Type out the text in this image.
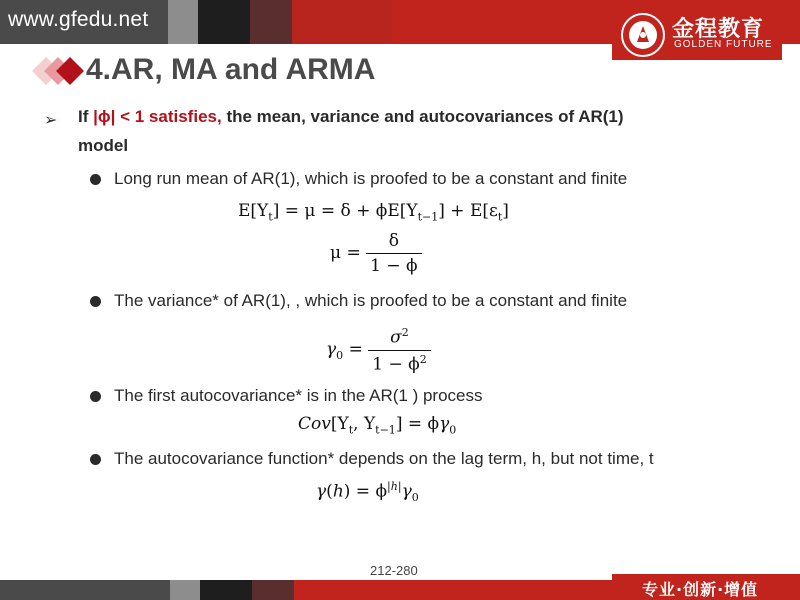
www.gfedu.net	金程教育
GOLDEN FUTURE
4.AR, MA and ARMA
➢ If |ϕ| < 1 satisfies, the mean, variance and autocovariances of AR(1)
model
Long run mean of AR(1), which is proofed to be a constant and finite
$E[Y_t] = \mu = \delta + \phi E[Y_{t-1}] + E[\varepsilon_t]$
$\mu = \frac{\delta}{1 - \phi}$
The variance* of AR(1), , which is proofed to be a constant and finite
$\gamma_0 = \frac{\sigma^2}{1 - \phi^2}$
The first autocovariance* is in the AR(1 ) process
$Cov[Y_t$, $Y_{t-1}] = \phi\gamma_0$
The autocovariance function* depends on the lag term, h, but not time, t
$\gamma(h) = \phi^{|h|}\gamma_0$
212-280
专业·创新·增值
